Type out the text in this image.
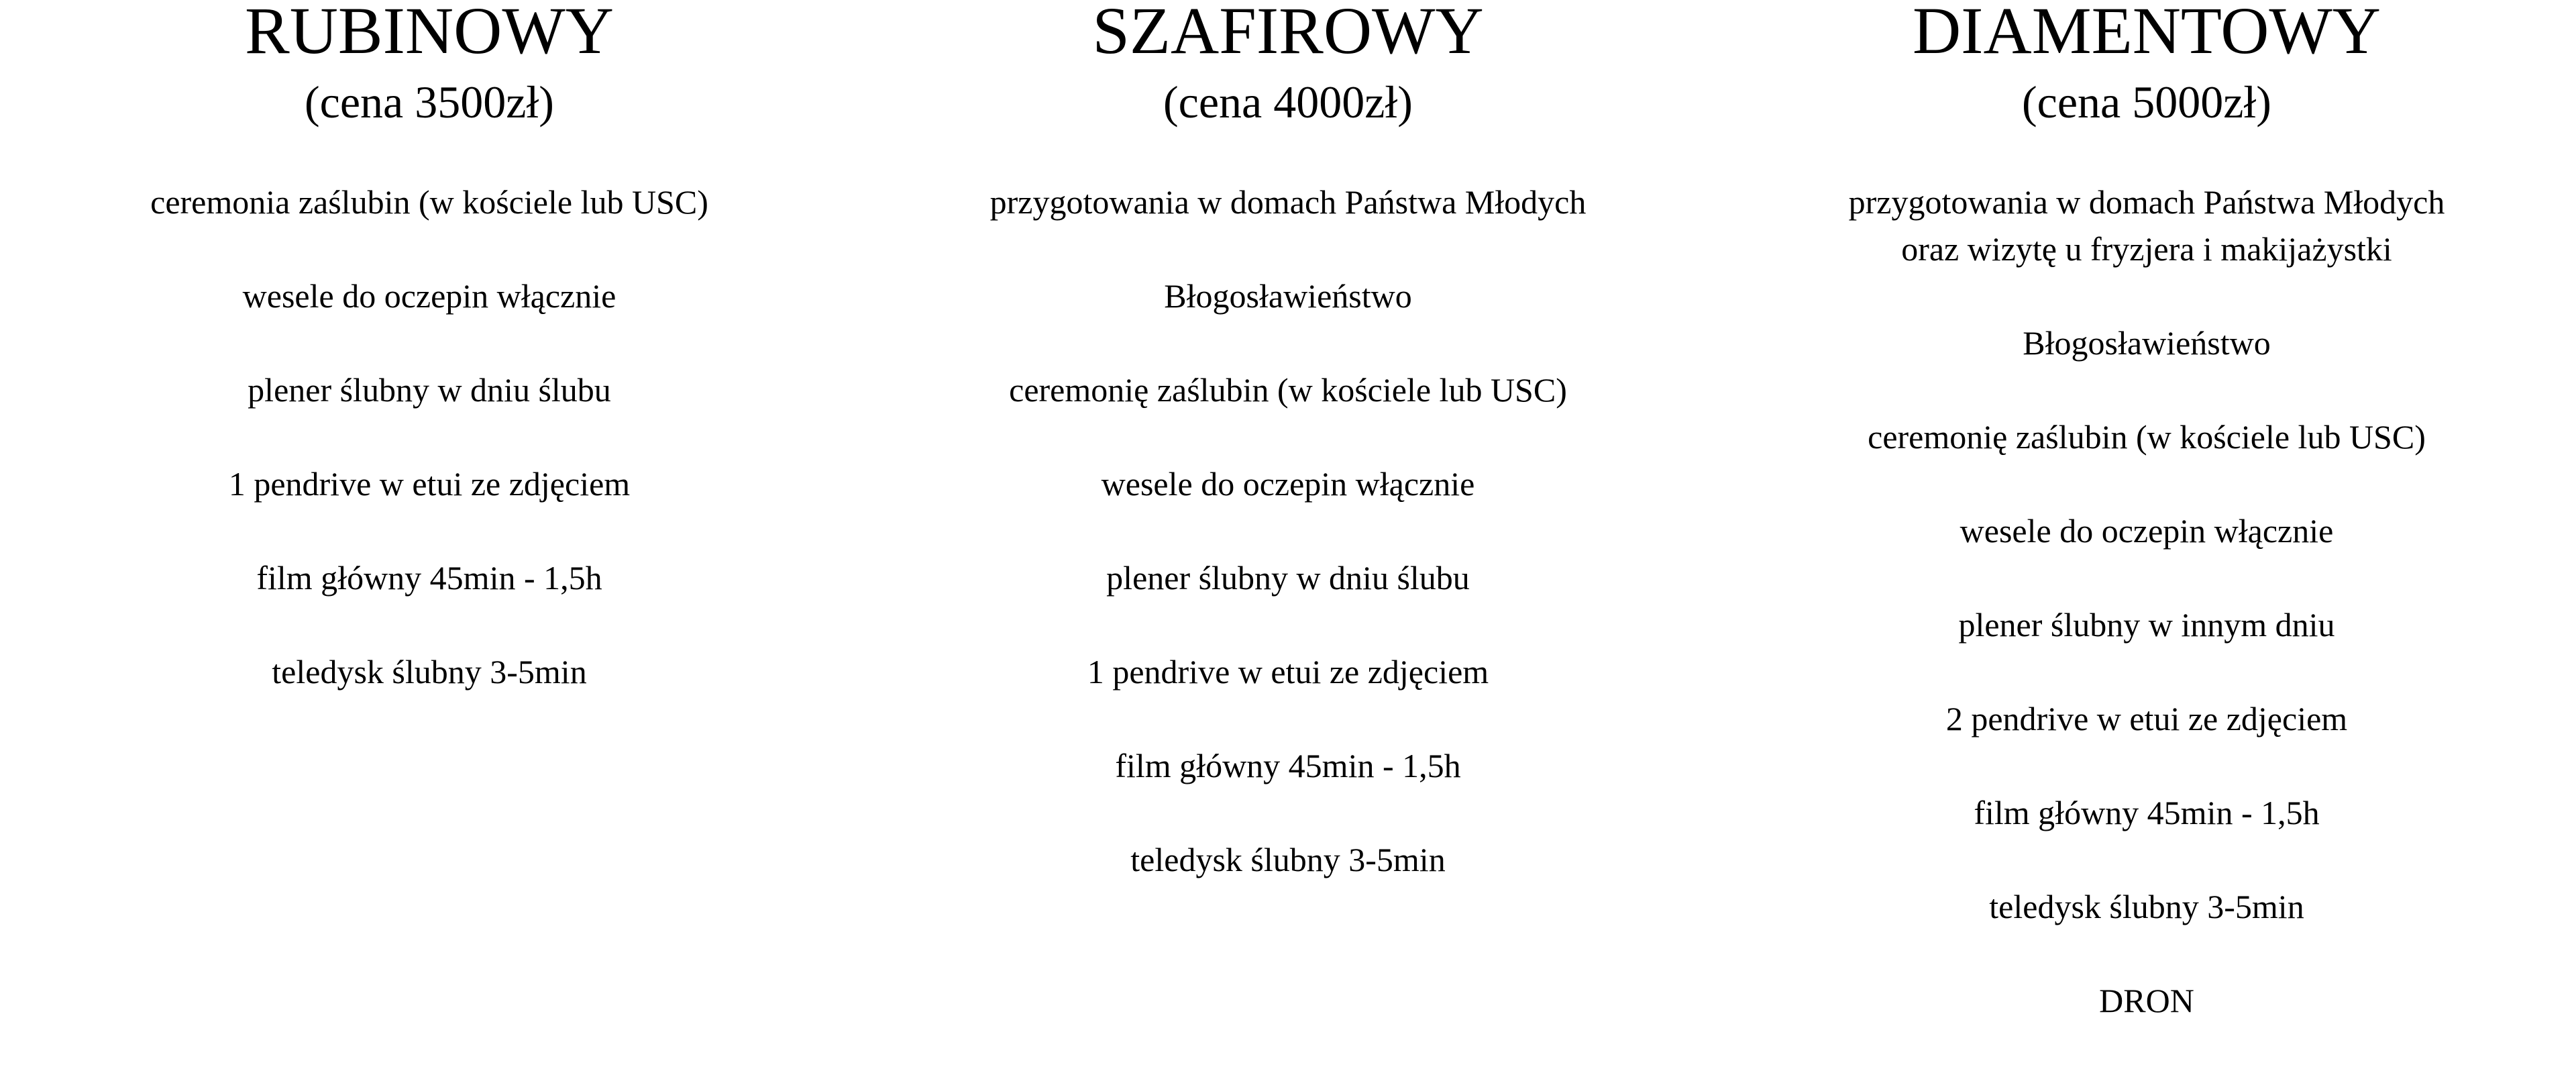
RUBINOWY
(cena 3500zł)
ceremonia zaślubin (w kościele lub USC)
wesele do oczepin włącznie
plener ślubny w dniu ślubu
1 pendrive w etui ze zdjęciem
film główny 45min - 1,5h
teledysk ślubny 3-5min
SZAFIROWY
(cena 4000zł)
przygotowania w domach Państwa Młodych
Błogosławieństwo
ceremonię zaślubin (w kościele lub USC)
wesele do oczepin włącznie
plener ślubny w dniu ślubu
1 pendrive w etui ze zdjęciem
film główny 45min - 1,5h
teledysk ślubny 3-5min
DIAMENTOWY
(cena 5000zł)
przygotowania w domach Państwa Młodych
oraz wizytę u fryzjera i makijażystki
Błogosławieństwo
ceremonię zaślubin (w kościele lub USC)
wesele do oczepin włącznie
plener ślubny w innym dniu
2 pendrive w etui ze zdjęciem
film główny 45min - 1,5h
teledysk ślubny 3-5min
DRON
